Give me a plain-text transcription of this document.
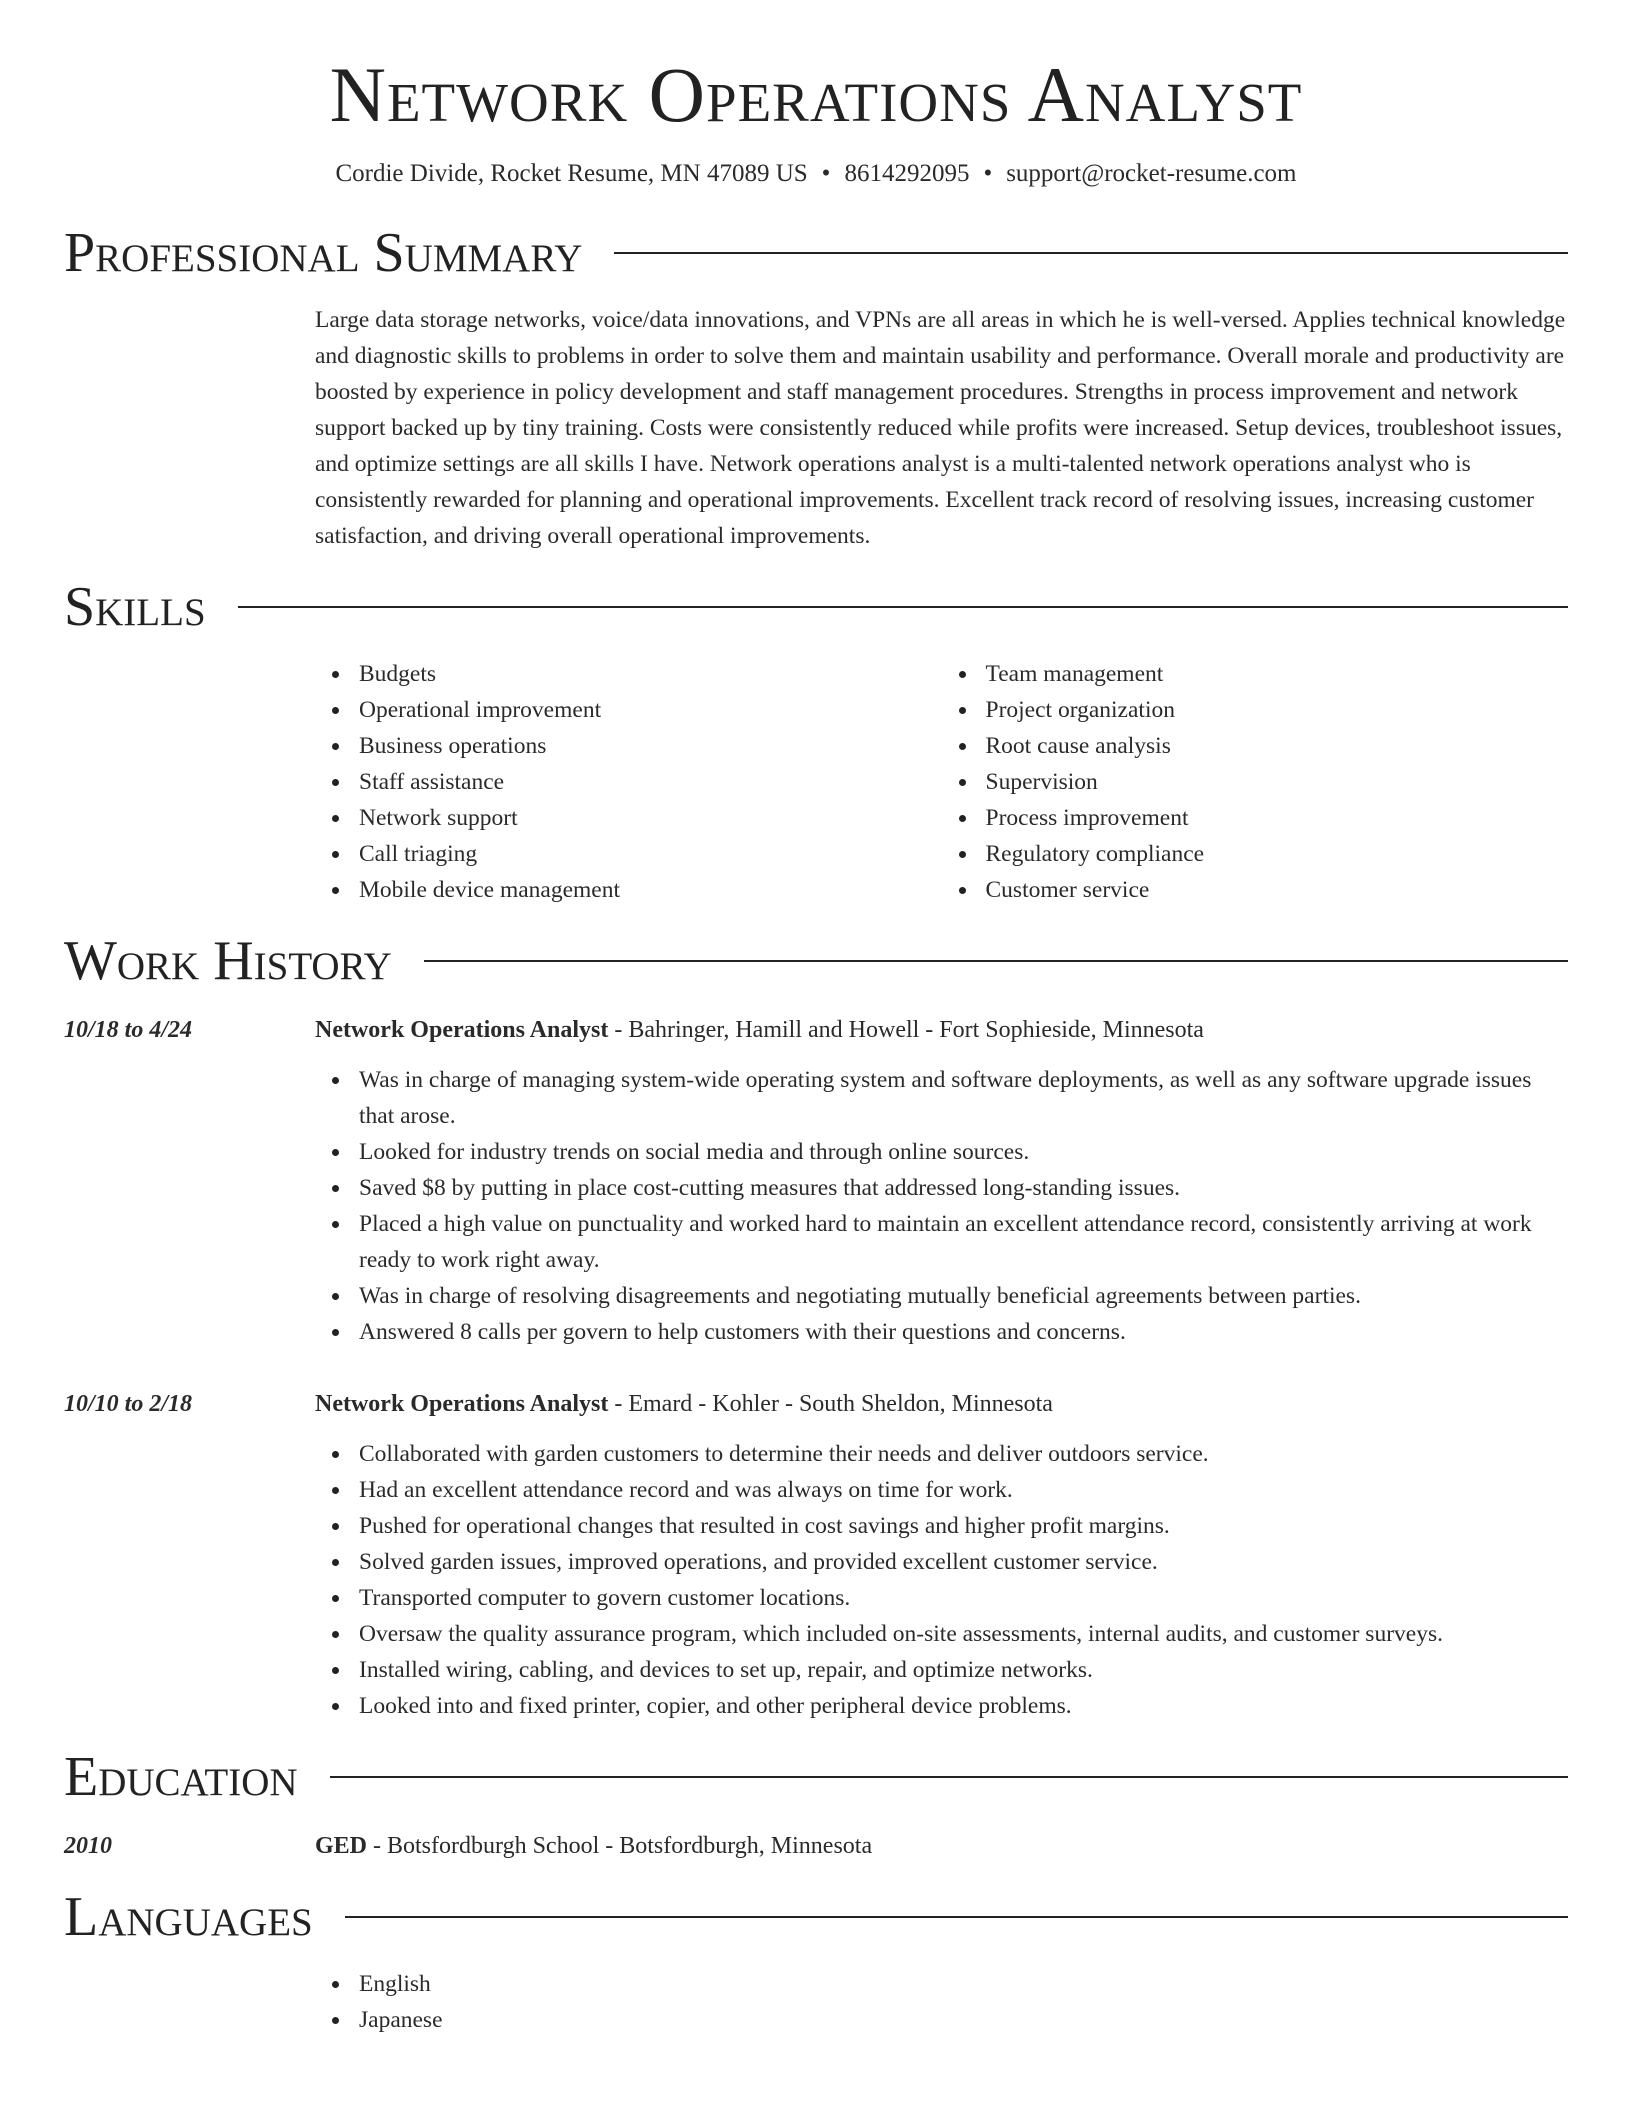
Network Operations Analyst
Cordie Divide, Rocket Resume, MN 47089 US • 8614292095 • support@rocket-resume.com
Professional Summary
Large data storage networks, voice/data innovations, and VPNs are all areas in which he is well-versed. Applies technical knowledge and diagnostic skills to problems in order to solve them and maintain usability and performance. Overall morale and productivity are boosted by experience in policy development and staff management procedures. Strengths in process improvement and network support backed up by tiny training. Costs were consistently reduced while profits were increased. Setup devices, troubleshoot issues, and optimize settings are all skills I have. Network operations analyst is a multi-talented network operations analyst who is consistently rewarded for planning and operational improvements. Excellent track record of resolving issues, increasing customer satisfaction, and driving overall operational improvements.
Skills
Budgets
Operational improvement
Business operations
Staff assistance
Network support
Call triaging
Mobile device management
Team management
Project organization
Root cause analysis
Supervision
Process improvement
Regulatory compliance
Customer service
Work History
10/18 to 4/24	Network Operations Analyst - Bahringer, Hamill and Howell - Fort Sophieside, Minnesota
Was in charge of managing system-wide operating system and software deployments, as well as any software upgrade issues that arose.
Looked for industry trends on social media and through online sources.
Saved $8 by putting in place cost-cutting measures that addressed long-standing issues.
Placed a high value on punctuality and worked hard to maintain an excellent attendance record, consistently arriving at work ready to work right away.
Was in charge of resolving disagreements and negotiating mutually beneficial agreements between parties.
Answered 8 calls per govern to help customers with their questions and concerns.
10/10 to 2/18	Network Operations Analyst - Emard - Kohler - South Sheldon, Minnesota
Collaborated with garden customers to determine their needs and deliver outdoors service.
Had an excellent attendance record and was always on time for work.
Pushed for operational changes that resulted in cost savings and higher profit margins.
Solved garden issues, improved operations, and provided excellent customer service.
Transported computer to govern customer locations.
Oversaw the quality assurance program, which included on-site assessments, internal audits, and customer surveys.
Installed wiring, cabling, and devices to set up, repair, and optimize networks.
Looked into and fixed printer, copier, and other peripheral device problems.
Education
2010	GED - Botsfordburgh School - Botsfordburgh, Minnesota
Languages
English
Japanese
